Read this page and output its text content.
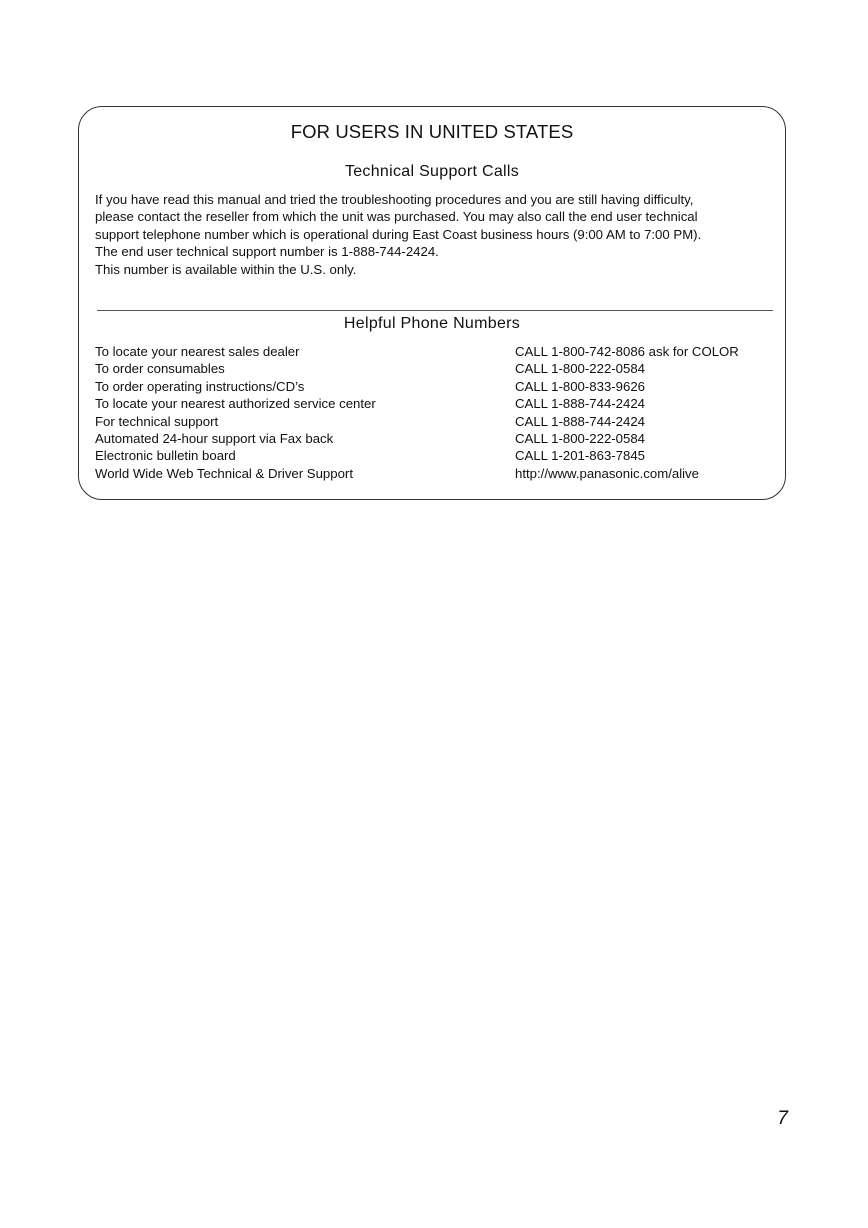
FOR USERS IN UNITED STATES
Technical Support Calls
If you have read this manual and tried the troubleshooting procedures and you are still having difficulty,
please contact the reseller from which the unit was purchased. You may also call the end user technical
support telephone number which is operational during East Coast business hours (9:00 AM to 7:00 PM).
The end user technical support number is 1-888-744-2424.
This number is available within the U.S. only.
Helpful Phone Numbers
To locate your nearest sales dealer	CALL 1-800-742-8086 ask for COLOR
To order consumables	CALL 1-800-222-0584
To order operating instructions/CD’s	CALL 1-800-833-9626
To locate your nearest authorized service center	CALL 1-888-744-2424
For technical support	CALL 1-888-744-2424
Automated 24-hour support via Fax back	CALL 1-800-222-0584
Electronic bulletin board	CALL 1-201-863-7845
World Wide Web Technical & Driver Support	http://www.panasonic.com/alive
7
